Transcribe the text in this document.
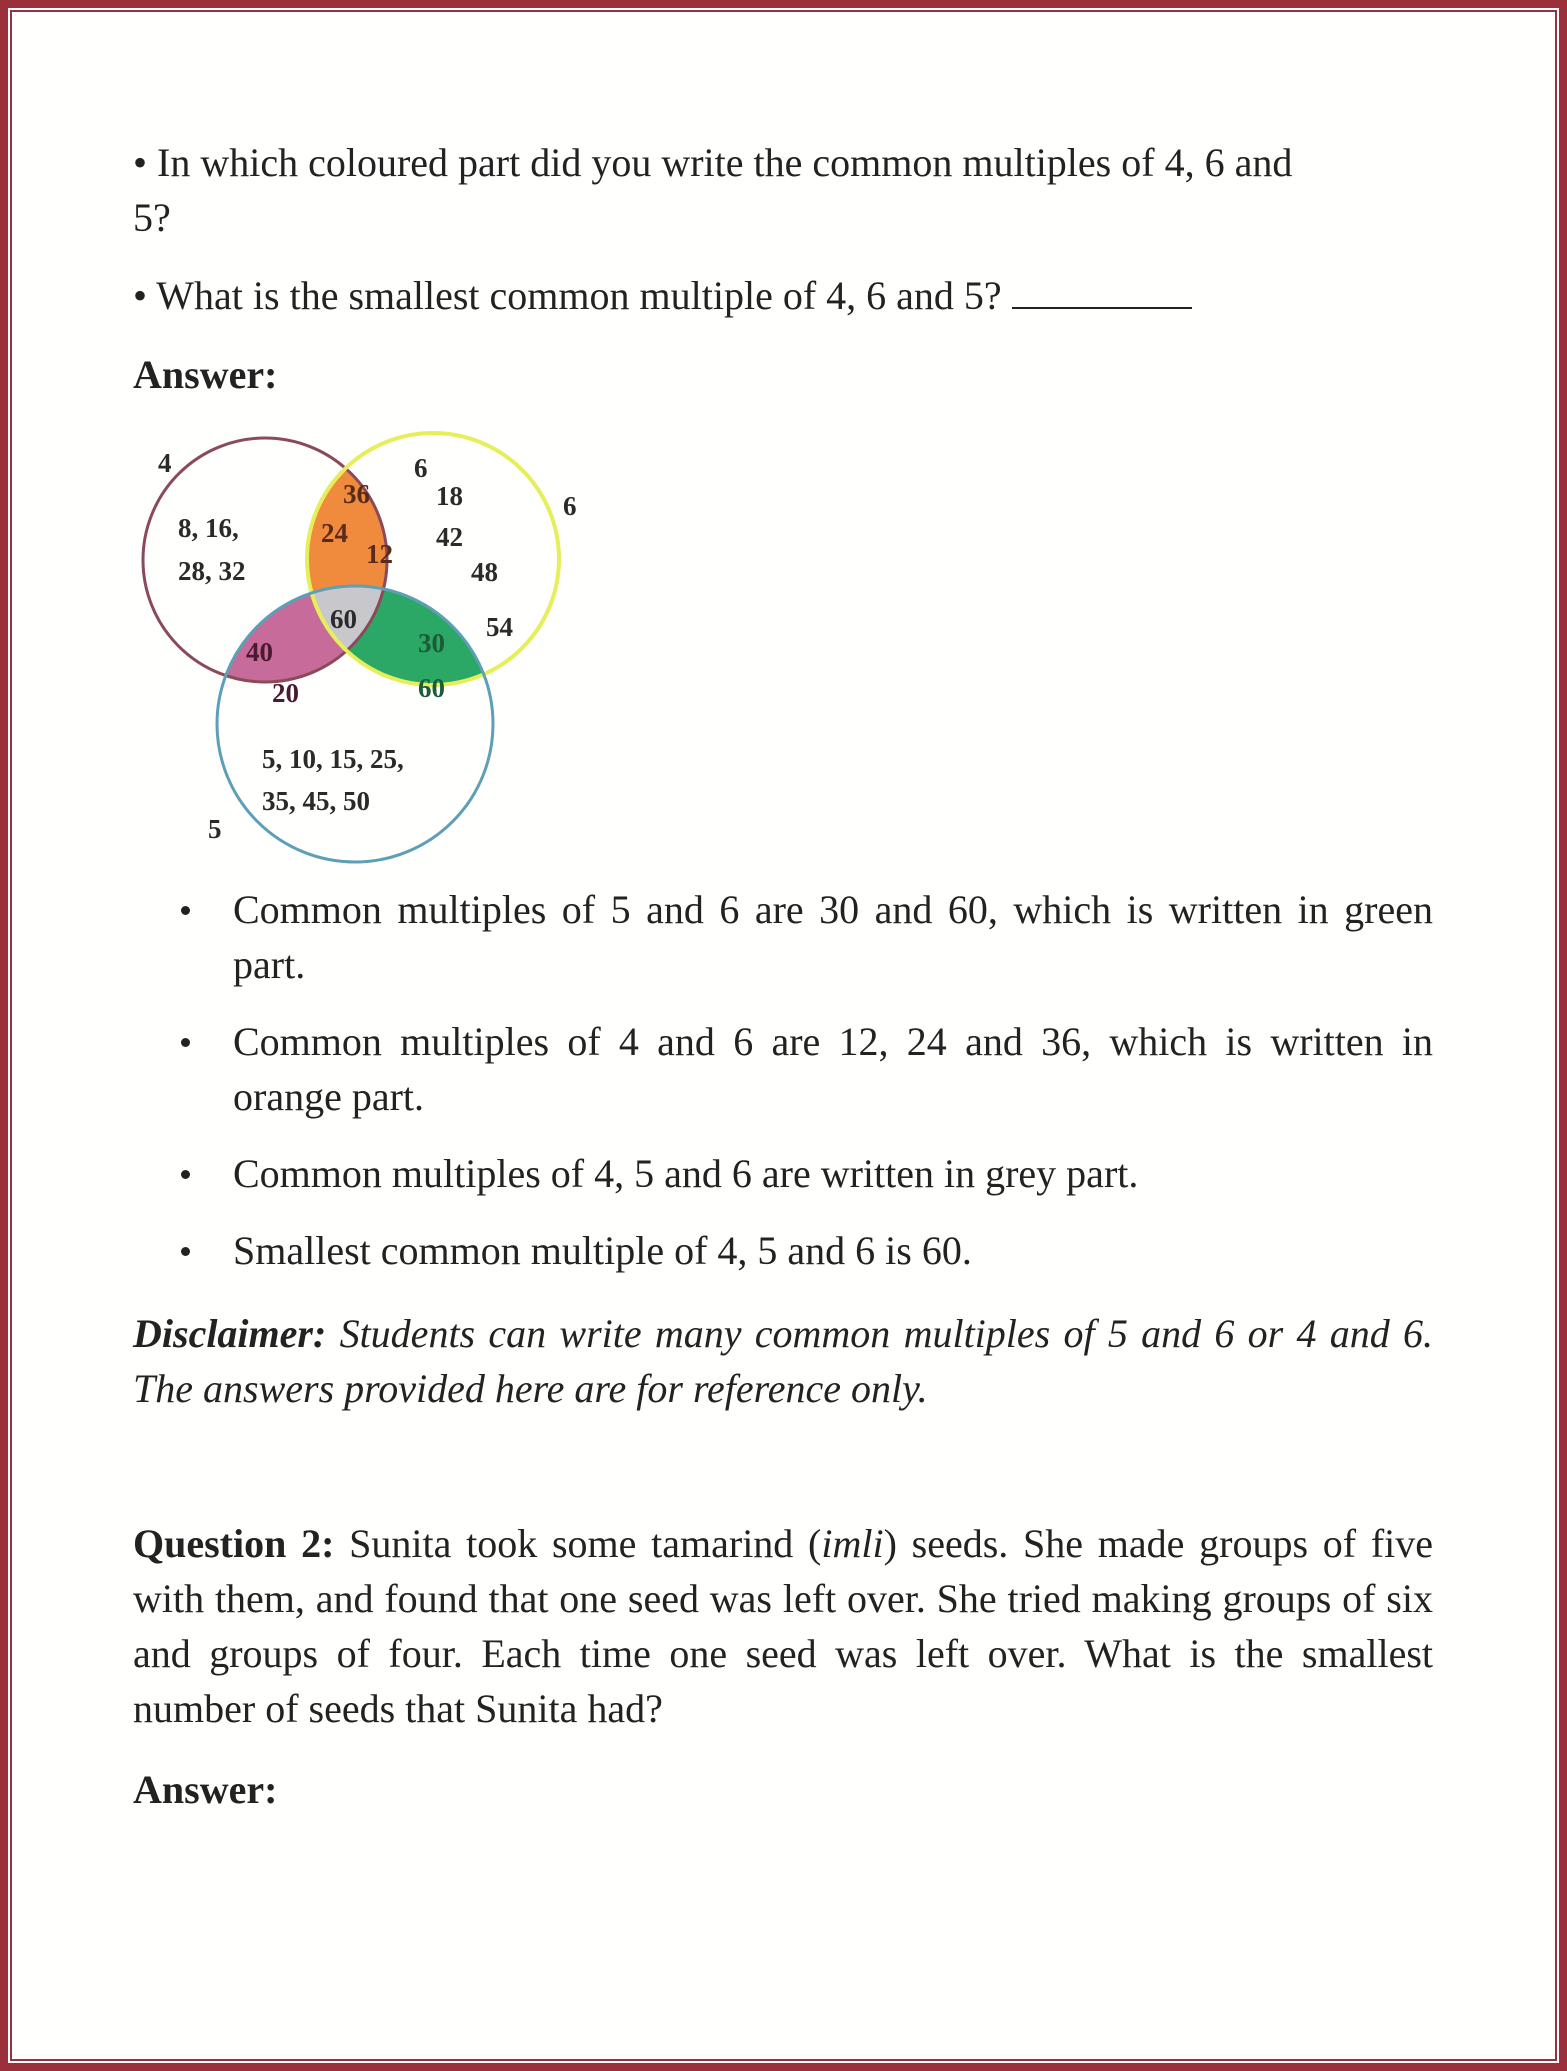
• In which coloured part did you write the common multiples of 4, 6 and
5?
• What is the smallest common multiple of 4, 6 and 5?
Answer:
4	6
6
5
8, 16,
28, 32
18
42
48
54
36
24
12
60
40
20
30
60
5, 10, 15, 25,
35, 45, 50
Common multiples of 5 and 6 are 30 and 60, which is written in green part.
Common multiples of 4 and 6 are 12, 24 and 36, which is written in orange part.
Common multiples of 4, 5 and 6 are written in grey part.
Smallest common multiple of 4, 5 and 6 is 60.
Disclaimer: Students can write many common multiples of 5 and 6 or 4 and 6. The answers provided here are for reference only.
Question 2: Sunita took some tamarind (imli) seeds. She made groups of five with them, and found that one seed was left over. She tried making groups of six and groups of four. Each time one seed was left over. What is the smallest number of seeds that Sunita had?
Answer:
